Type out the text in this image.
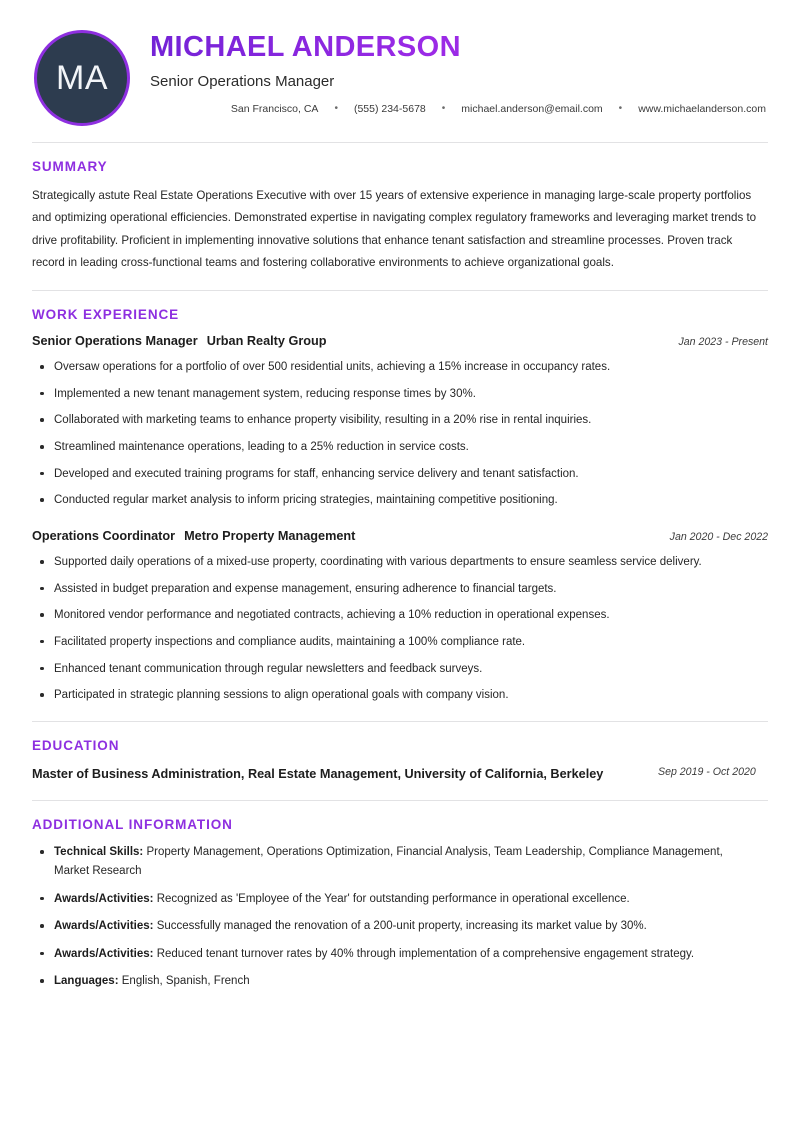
MA
MICHAEL ANDERSON
Senior Operations Manager
San Francisco, CA	•	(555) 234-5678	•	michael.anderson@email.com	•	www.michaelanderson.com
SUMMARY
Strategically astute Real Estate Operations Executive with over 15 years of extensive experience in managing large-scale property portfolios and optimizing operational efficiencies. Demonstrated expertise in navigating complex regulatory frameworks and leveraging market trends to drive profitability. Proficient in implementing innovative solutions that enhance tenant satisfaction and streamline processes. Proven track record in leading cross-functional teams and fostering collaborative environments to achieve organizational goals.
WORK EXPERIENCE
Senior Operations Manager Urban Realty Group	Jan 2023 - Present
Oversaw operations for a portfolio of over 500 residential units, achieving a 15% increase in occupancy rates.
Implemented a new tenant management system, reducing response times by 30%.
Collaborated with marketing teams to enhance property visibility, resulting in a 20% rise in rental inquiries.
Streamlined maintenance operations, leading to a 25% reduction in service costs.
Developed and executed training programs for staff, enhancing service delivery and tenant satisfaction.
Conducted regular market analysis to inform pricing strategies, maintaining competitive positioning.
Operations Coordinator Metro Property Management	Jan 2020 - Dec 2022
Supported daily operations of a mixed-use property, coordinating with various departments to ensure seamless service delivery.
Assisted in budget preparation and expense management, ensuring adherence to financial targets.
Monitored vendor performance and negotiated contracts, achieving a 10% reduction in operational expenses.
Facilitated property inspections and compliance audits, maintaining a 100% compliance rate.
Enhanced tenant communication through regular newsletters and feedback surveys.
Participated in strategic planning sessions to align operational goals with company vision.
EDUCATION
Master of Business Administration, Real Estate Management, University of California, Berkeley	Sep 2019 - Oct 2020
ADDITIONAL INFORMATION
Technical Skills: Property Management, Operations Optimization, Financial Analysis, Team Leadership, Compliance Management, Market Research
Awards/Activities: Recognized as 'Employee of the Year' for outstanding performance in operational excellence.
Awards/Activities: Successfully managed the renovation of a 200-unit property, increasing its market value by 30%.
Awards/Activities: Reduced tenant turnover rates by 40% through implementation of a comprehensive engagement strategy.
Languages: English, Spanish, French
